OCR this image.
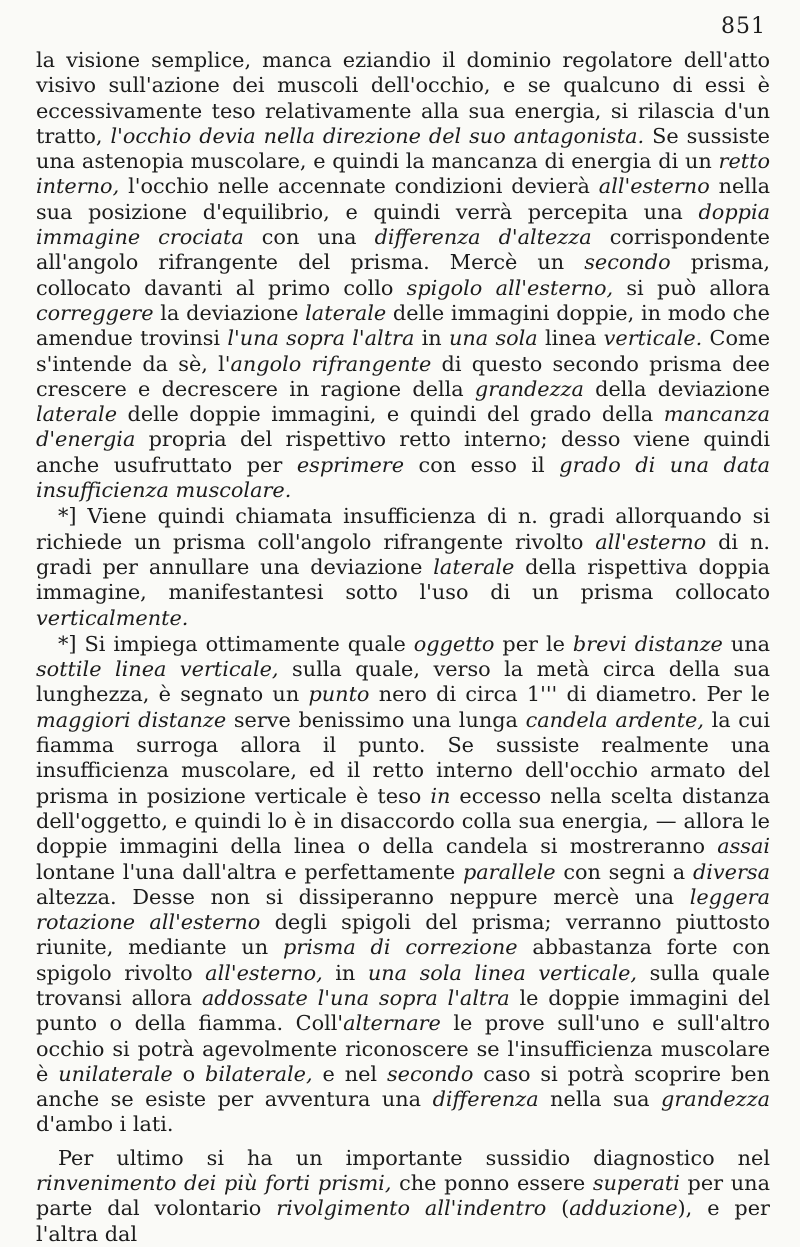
851

la visione semplice, manca eziandio il dominio regolatore dell'atto visivo sull'azione dei muscoli dell'occhio, e se qualcuno di essi è eccessivamente teso relativamente alla sua energia, si rilascia d'un tratto, l'occhio devia nella direzione del suo antagonista. Se sussiste una astenopia muscolare, e quindi la mancanza di energia di un retto interno, l'occhio nelle accennate condizioni devierà all'esterno nella sua posizione d'equilibrio, e quindi verrà percepita una doppia immagine crociata con una differenza d'altezza corrispondente all'angolo rifrangente del prisma. Mercè un secondo prisma, collocato davanti al primo collo spigolo all'esterno, si può allora correggere la deviazione laterale delle immagini doppie, in modo che amendue trovinsi l'una sopra l'altra in una sola linea verticale. Come s'intende da sè, l'angolo rifrangente di questo secondo prisma dee crescere e decrescere in ragione della grandezza della deviazione laterale delle doppie immagini, e quindi del grado della mancanza d'energia propria del rispettivo retto interno; desso viene quindi anche usufruttato per esprimere con esso il grado di una data insufficienza muscolare.

*] Viene quindi chiamata insufficienza di n. gradi allorquando si richiede un prisma coll'angolo rifrangente rivolto all'esterno di n. gradi per annullare una deviazione laterale della rispettiva doppia immagine, manifestantesi sotto l'uso di un prisma collocato verticalmente.

*] Si impiega ottimamente quale oggetto per le brevi distanze una sottile linea verticale, sulla quale, verso la metà circa della sua lunghezza, è segnato un punto nero di circa 1''' di diametro. Per le maggiori distanze serve benissimo una lunga candela ardente, la cui fiamma surroga allora il punto. Se sussiste realmente una insufficienza muscolare, ed il retto interno dell'occhio armato del prisma in posizione verticale è teso in eccesso nella scelta distanza dell'oggetto, e quindi lo è in disaccordo colla sua energia, — allora le doppie immagini della linea o della candela si mostreranno assai lontane l'una dall'altra e perfettamente parallele con segni a diversa altezza. Desse non si dissiperanno neppure mercè una leggera rotazione all'esterno degli spigoli del prisma; verranno piuttosto riunite, mediante un prisma di correzione abbastanza forte con spigolo rivolto all'esterno, in una sola linea verticale, sulla quale trovansi allora addossate l'una sopra l'altra le doppie immagini del punto o della fiamma. Coll'alternare le prove sull'uno e sull'altro occhio si potrà agevolmente riconoscere se l'insufficienza muscolare è unilaterale o bilaterale, e nel secondo caso si potrà scoprire ben anche se esiste per avventura una differenza nella sua grandezza d'ambo i lati.

Per ultimo si ha un importante sussidio diagnostico nel rinvenimento dei più forti prismi, che ponno essere superati per una parte dal volontario rivolgimento all'indentro (adduzione), e per l'altra dal
